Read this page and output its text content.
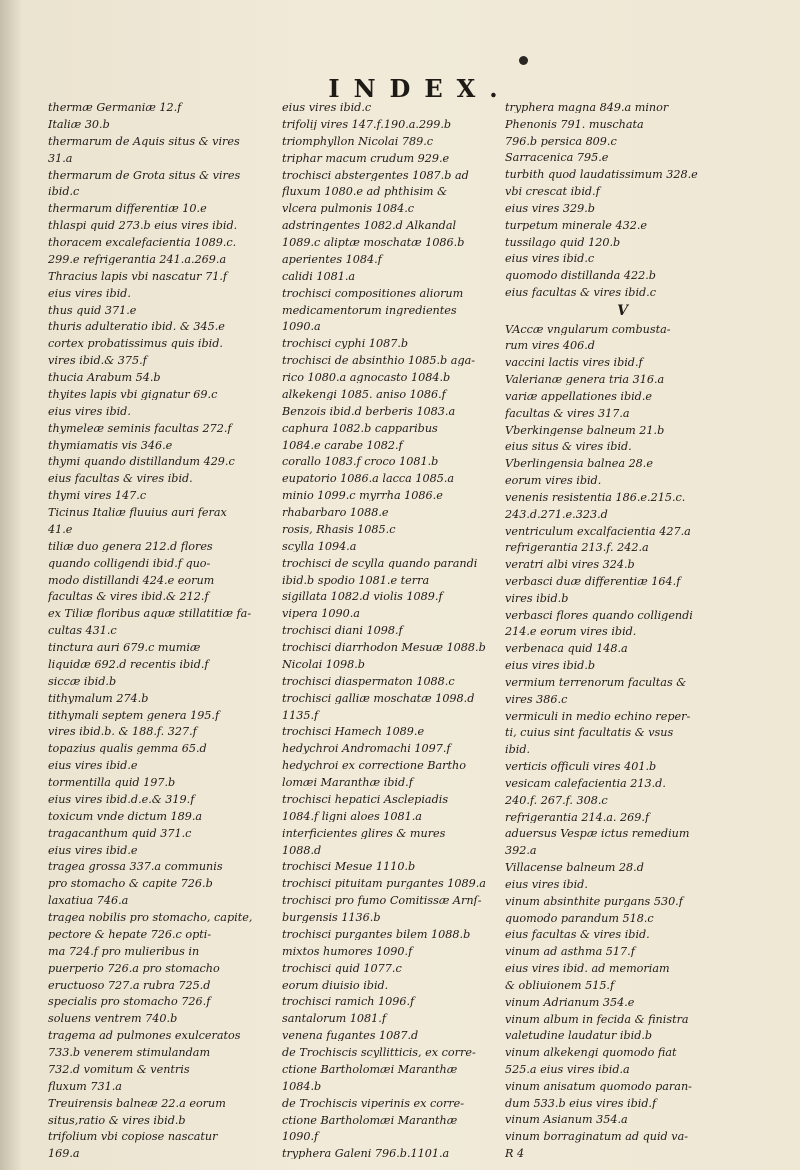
INDEX.
thermæ Germaniæ 12.f
Italiæ 30.b
thermarum de Aquis situs & vires
31.a
thermarum de Grota situs & vires
ibid.c
thermarum differentiæ 10.e
thlaspi quid 273.b eius vires ibid.
thoracem excalefacientia 1089.c.
299.e refrigerantia 241.a.269.a
Thracius lapis vbi nascatur 71.f
eius vires ibid.
thus quid 371.e
thuris adulteratio ibid. & 345.e
cortex probatissimus quis ibid.
vires ibid.& 375.f
thucia Arabum 54.b
thyites lapis vbi gignatur 69.c
eius vires ibid.
thymeleæ seminis facultas 272.f
thymiamatis vis 346.e
thymi quando distillandum 429.c
eius facultas & vires ibid.
thymi vires 147.c
Ticinus Italiæ fluuius auri ferax
41.e
tiliæ duo genera 212.d flores
quando colligendi ibid.f quo-
modo distillandi 424.e eorum
facultas & vires ibid.& 212.f
ex Tiliæ floribus aquæ stillatitiæ fa-
cultas 431.c
tinctura auri 679.c mumiæ
liquidæ 692.d recentis ibid.f
siccæ ibid.b
tithymalum 274.b
tithymali septem genera 195.f
vires ibid.b. & 188.f. 327.f
topazius qualis gemma 65.d
eius vires ibid.e
tormentilla quid 197.b
eius vires ibid.d.e.& 319.f
toxicum vnde dictum 189.a
tragacanthum quid 371.c
eius vires ibid.e
tragea grossa 337.a communis
pro stomacho & capite 726.b
laxatiua 746.a
tragea nobilis pro stomacho, capite,
pectore & hepate 726.c opti-
ma 724.f pro mulieribus in
puerperio 726.a pro stomacho
eructuoso 727.a rubra 725.d
specialis pro stomacho 726.f
soluens ventrem 740.b
tragema ad pulmones exulceratos
733.b venerem stimulandam
732.d vomitum & ventris
fluxum 731.a
Treuirensis balneæ 22.a eorum
situs,ratio & vires ibid.b
trifolium vbi copiose nascatur
169.a
eius vires ibid.c
trifolij vires 147.f.190.a.299.b
triomphyllon Nicolai 789.c
triphar macum crudum 929.e
trochisci abstergentes 1087.b ad
fluxum 1080.e ad phthisim &
vlcera pulmonis 1084.c
adstringentes 1082.d Alkandal
1089.c aliptæ moschatæ 1086.b
aperientes 1084.f
calidi 1081.a
trochisci compositiones aliorum
medicamentorum ingredientes
1090.a
trochisci cyphi 1087.b
trochisci de absinthio 1085.b aga-
rico 1080.a agnocasto 1084.b
alkekengi 1085. aniso 1086.f
Benzois ibid.d berberis 1083.a
caphura 1082.b capparibus
1084.e carabe 1082.f
corallo 1083.f croco 1081.b
eupatorio 1086.a lacca 1085.a
minio 1099.c myrrha 1086.e
rhabarbaro 1088.e
rosis, Rhasis 1085.c
scylla 1094.a
trochisci de scylla quando parandi
ibid.b spodio 1081.e terra
sigillata 1082.d violis 1089.f
vipera 1090.a
trochisci diani 1098.f
trochisci diarrhodon Mesuæ 1088.b
Nicolai 1098.b
trochisci diaspermaton 1088.c
trochisci galliæ moschatæ 1098.d
1135.f
trochisci Hamech 1089.e
hedychroi Andromachi 1097.f
hedychroi ex correctione Bartho
lomæi Maranthæ ibid.f
trochisci hepatici Asclepiadis
1084.f ligni aloes 1081.a
interficientes glires & mures
1088.d
trochisci Mesue 1110.b
trochisci pituitam purgantes 1089.a
trochisci pro fumo Comitissæ Arnſ-
burgensis 1136.b
trochisci purgantes bilem 1088.b
mixtos humores 1090.f
trochisci quid 1077.c
eorum diuisio ibid.
trochisci ramich 1096.f
santalorum 1081.f
venena fugantes 1087.d
de Trochiscis scyllitticis, ex corre-
ctione Bartholomæi Maranthæ
1084.b
de Trochiscis viperinis ex corre-
ctione Bartholomæi Maranthæ
1090.f
tryphera Galeni 796.b.1101.a
tryphera magna 849.a minor
Phenonis 791. muschata
796.b persica 809.c
Sarracenica 795.e
turbith quod laudatissimum 328.e
vbi crescat ibid.f
eius vires 329.b
turpetum minerale 432.e
tussilago quid 120.b
eius vires ibid.c
quomodo distillanda 422.b
eius facultas & vires ibid.c
V
VAccæ vngularum combusta-
rum vires 406.d
vaccini lactis vires ibid.f
Valerianæ genera tria 316.a
variæ appellationes ibid.e
facultas & vires 317.a
Vberkingense balneum 21.b
eius situs & vires ibid.
Vberlingensia balnea 28.e
eorum vires ibid.
venenis resistentia 186.e.215.c.
243.d.271.e.323.d
ventriculum excalfacientia 427.a
refrigerantia 213.f. 242.a
veratri albi vires 324.b
verbasci duæ differentiæ 164.f
vires ibid.b
verbasci flores quando colligendi
214.e eorum vires ibid.
verbenaca quid 148.a
eius vires ibid.b
vermium terrenorum facultas &
vires 386.c
vermiculi in medio echino reper-
ti, cuius sint facultatis & vsus
ibid.
verticis officuli vires 401.b
vesicam calefacientia 213.d.
240.f. 267.f. 308.c
refrigerantia 214.a. 269.f
aduersus Vespæ ictus remedium
392.a
Villacense balneum 28.d
eius vires ibid.
vinum absinthite purgans 530.f
quomodo parandum 518.c
eius facultas & vires ibid.
vinum ad asthma 517.f
eius vires ibid. ad memoriam
& obliuionem 515.f
vinum Adrianum 354.e
vinum album in fecida & finistra
valetudine laudatur ibid.b
vinum alkekengi quomodo fiat
525.a eius vires ibid.a
vinum anisatum quomodo paran-
dum 533.b eius vires ibid.f
vinum Asianum 354.a
vinum borraginatum ad quid va-
R 4
